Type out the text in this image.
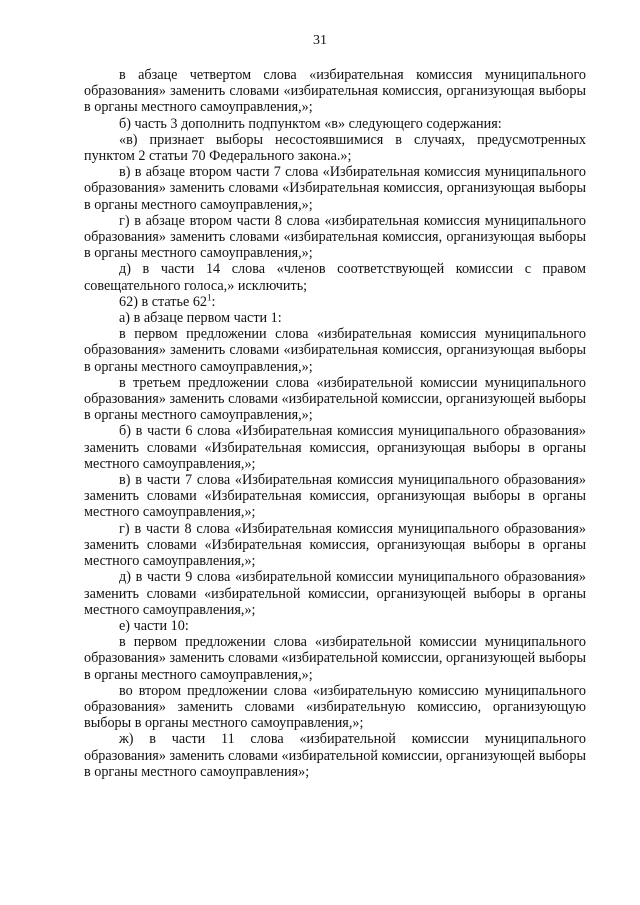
31

в абзаце четвертом слова «избирательная комиссия муниципального образования» заменить словами «избирательная комиссия, организующая выборы в органы местного самоуправления,»;

б) часть 3 дополнить подпунктом «в» следующего содержания:

«в) признает выборы несостоявшимися в случаях, предусмотренных пунктом 2 статьи 70 Федерального закона.»;

в) в абзаце втором части 7 слова «Избирательная комиссия муниципального образования» заменить словами «Избирательная комиссия, организующая выборы в органы местного самоуправления,»;

г) в абзаце втором части 8 слова «избирательная комиссия муниципального образования» заменить словами «избирательная комиссия, организующая выборы в органы местного самоуправления,»;

д) в части 14 слова «членов соответствующей комиссии с правом совещательного голоса,» исключить;

62) в статье $62^1$:

а) в абзаце первом части 1:

в первом предложении слова «избирательная комиссия муниципального образования» заменить словами «избирательная комиссия, организующая выборы в органы местного самоуправления,»;

в третьем предложении слова «избирательной комиссии муниципального образования» заменить словами «избирательной комиссии, организующей выборы в органы местного самоуправления,»;

б) в части 6 слова «Избирательная комиссия муниципального образования» заменить словами «Избирательная комиссия, организующая выборы в органы местного самоуправления,»;

в) в части 7 слова «Избирательная комиссия муниципального образования» заменить словами «Избирательная комиссия, организующая выборы в органы местного самоуправления,»;

г) в части 8 слова «Избирательная комиссия муниципального образования» заменить словами «Избирательная комиссия, организующая выборы в органы местного самоуправления,»;

д) в части 9 слова «избирательной комиссии муниципального образования» заменить словами «избирательной комиссии, организующей выборы в органы местного самоуправления,»;

е) части 10:

в первом предложении слова «избирательной комиссии муниципального образования» заменить словами «избирательной комиссии, организующей выборы в органы местного самоуправления,»;

во втором предложении слова «избирательную комиссию муниципального образования» заменить словами «избирательную комиссию, организующую выборы в органы местного самоуправления,»;

ж) в части 11 слова «избирательной комиссии муниципального образования» заменить словами «избирательной комиссии, организующей выборы в органы местного самоуправления»;
